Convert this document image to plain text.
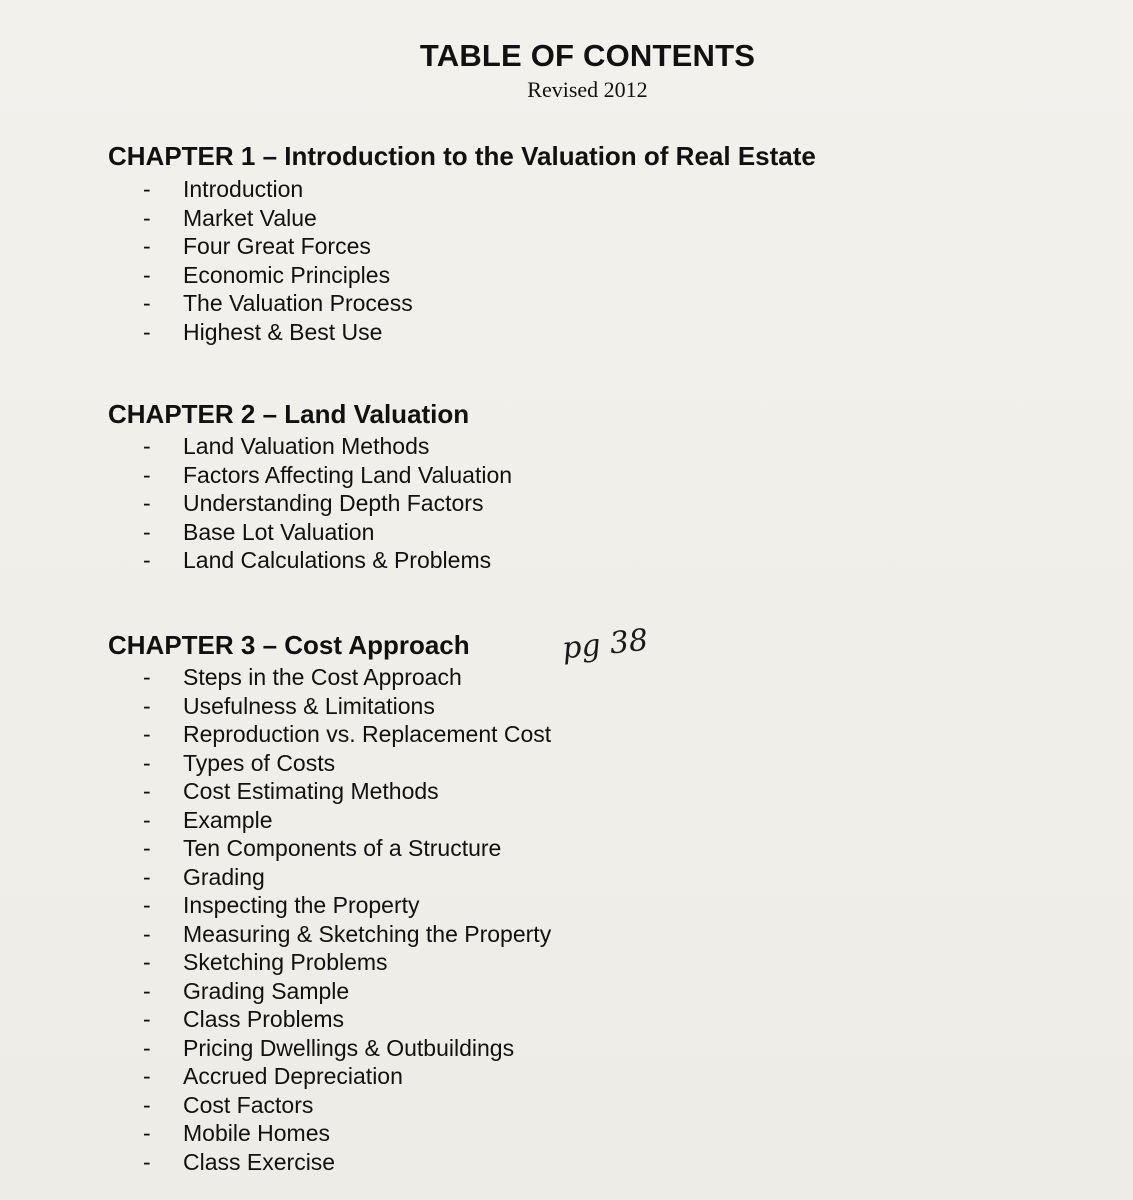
TABLE OF CONTENTS
Revised 2012
CHAPTER 1 – Introduction to the Valuation of Real Estate
-	Introduction
-	Market Value
-	Four Great Forces
-	Economic Principles
-	The Valuation Process
-	Highest & Best Use
CHAPTER 2 – Land Valuation
-	Land Valuation Methods
-	Factors Affecting Land Valuation
-	Understanding Depth Factors
-	Base Lot Valuation
-	Land Calculations & Problems
CHAPTER 3 – Cost Approach	pg 38
-	Steps in the Cost Approach
-	Usefulness & Limitations
-	Reproduction vs. Replacement Cost
-	Types of Costs
-	Cost Estimating Methods
-	Example
-	Ten Components of a Structure
-	Grading
-	Inspecting the Property
-	Measuring & Sketching the Property
-	Sketching Problems
-	Grading Sample
-	Class Problems
-	Pricing Dwellings & Outbuildings
-	Accrued Depreciation
-	Cost Factors
-	Mobile Homes
-	Class Exercise
